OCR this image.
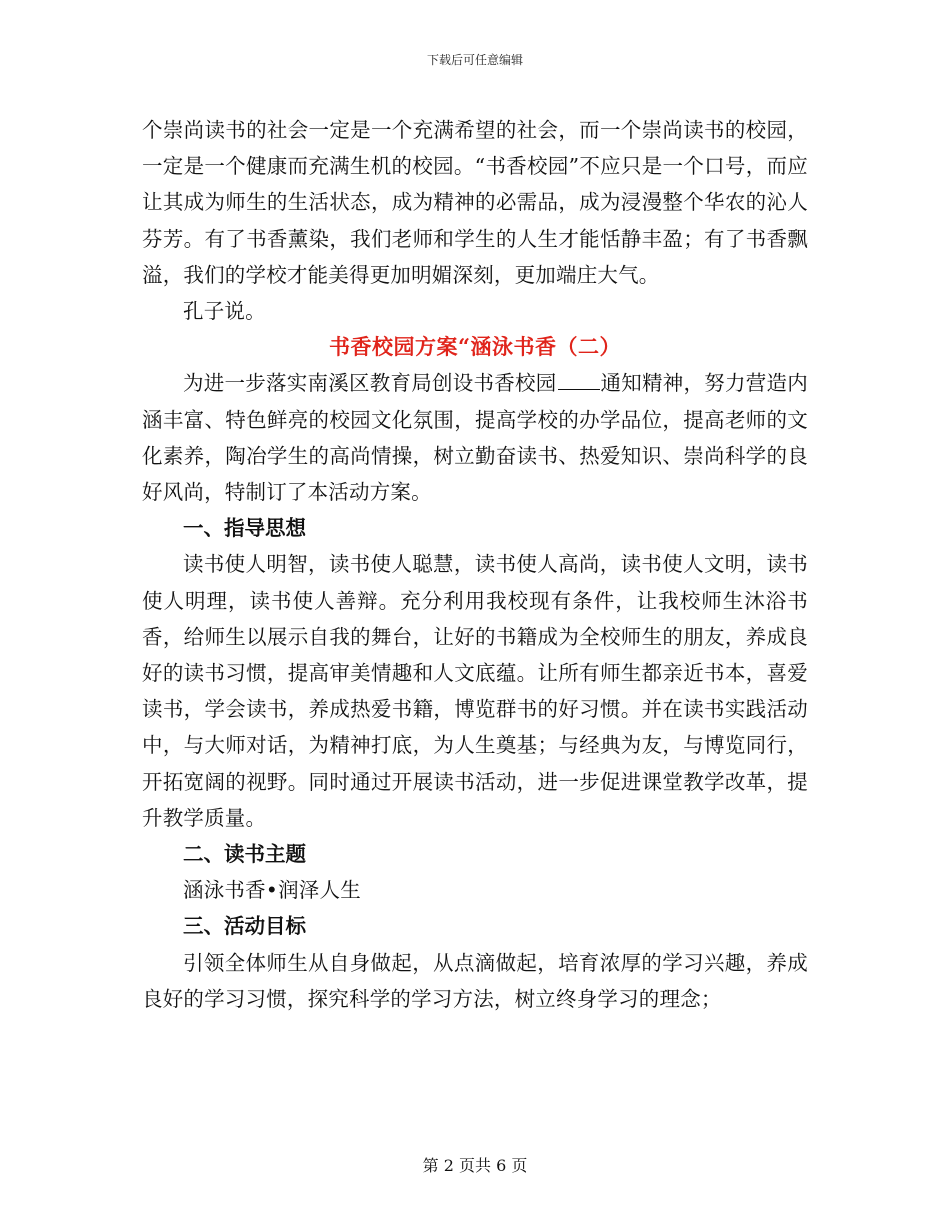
下载后可任意编辑

个崇尚读书的社会一定是一个充满希望的社会，而一个崇尚读书的校园，一定是一个健康而充满生机的校园。“书香校园”不应只是一个口号，而应让其成为师生的生活状态，成为精神的必需品，成为浸漫整个华农的沁人芬芳。有了书香薰染，我们老师和学生的人生才能恬静丰盈；有了书香飘溢，我们的学校才能美得更加明媚深刻，更加端庄大气。

孔子说。

书香校园方案“涵泳书香（二）

为进一步落实南溪区教育局创设书香校园 通知精神，努力营造内涵丰富、特色鲜亮的校园文化氛围，提高学校的办学品位，提高老师的文化素养，陶冶学生的高尚情操，树立勤奋读书、热爱知识、崇尚科学的良好风尚，特制订了本活动方案。

一、指导思想

读书使人明智，读书使人聪慧，读书使人高尚，读书使人文明，读书使人明理，读书使人善辩。充分利用我校现有条件，让我校师生沐浴书香，给师生以展示自我的舞台，让好的书籍成为全校师生的朋友，养成良好的读书习惯，提高审美情趣和人文底蕴。让所有师生都亲近书本，喜爱读书，学会读书，养成热爱书籍，博览群书的好习惯。并在读书实践活动中，与大师对话，为精神打底，为人生奠基；与经典为友，与博览同行，开拓宽阔的视野。同时通过开展读书活动，进一步促进课堂教学改革，提升教学质量。

二、读书主题

涵泳书香•润泽人生

三、活动目标

引领全体师生从自身做起，从点滴做起，培育浓厚的学习兴趣，养成良好的学习习惯，探究科学的学习方法，树立终身学习的理念；

第 2 页共 6 页
